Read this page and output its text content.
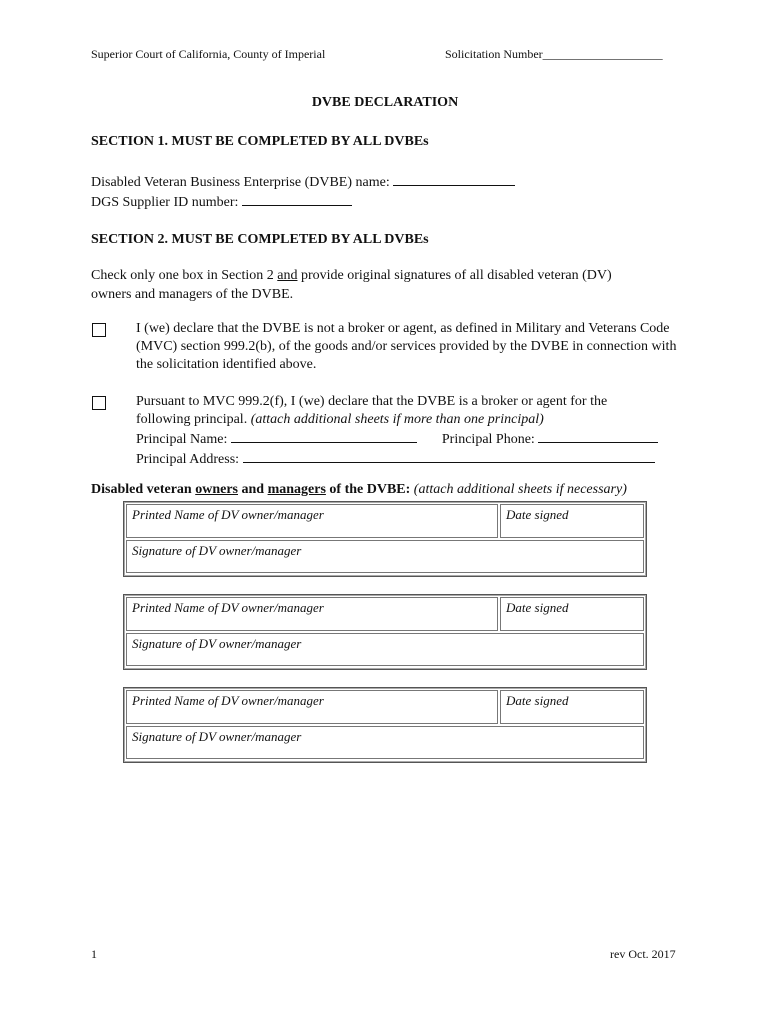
Superior Court of California, County of Imperial	Solicitation Number____________________
DVBE DECLARATION
SECTION 1. MUST BE COMPLETED BY ALL DVBEs
Disabled Veteran Business Enterprise (DVBE) name:
DGS Supplier ID number:
SECTION 2. MUST BE COMPLETED BY ALL DVBEs
Check only one box in Section 2 and provide original signatures of all disabled veteran (DV)
owners and managers of the DVBE.
I (we) declare that the DVBE is not a broker or agent, as defined in Military and Veterans Code (MVC) section 999.2(b), of the goods and/or services provided by the DVBE in connection with the solicitation identified above.
Pursuant to MVC 999.2(f), I (we) declare that the DVBE is a broker or agent for the
following principal. (attach additional sheets if more than one principal)
Principal Name:	Principal Phone:
Principal Address:
Disabled veteran owners and managers of the DVBE: (attach additional sheets if necessary)
Printed Name of DV owner/manager	Date signed
Signature of DV owner/manager
Printed Name of DV owner/manager	Date signed
Signature of DV owner/manager
Printed Name of DV owner/manager	Date signed
Signature of DV owner/manager
1	rev Oct. 2017
